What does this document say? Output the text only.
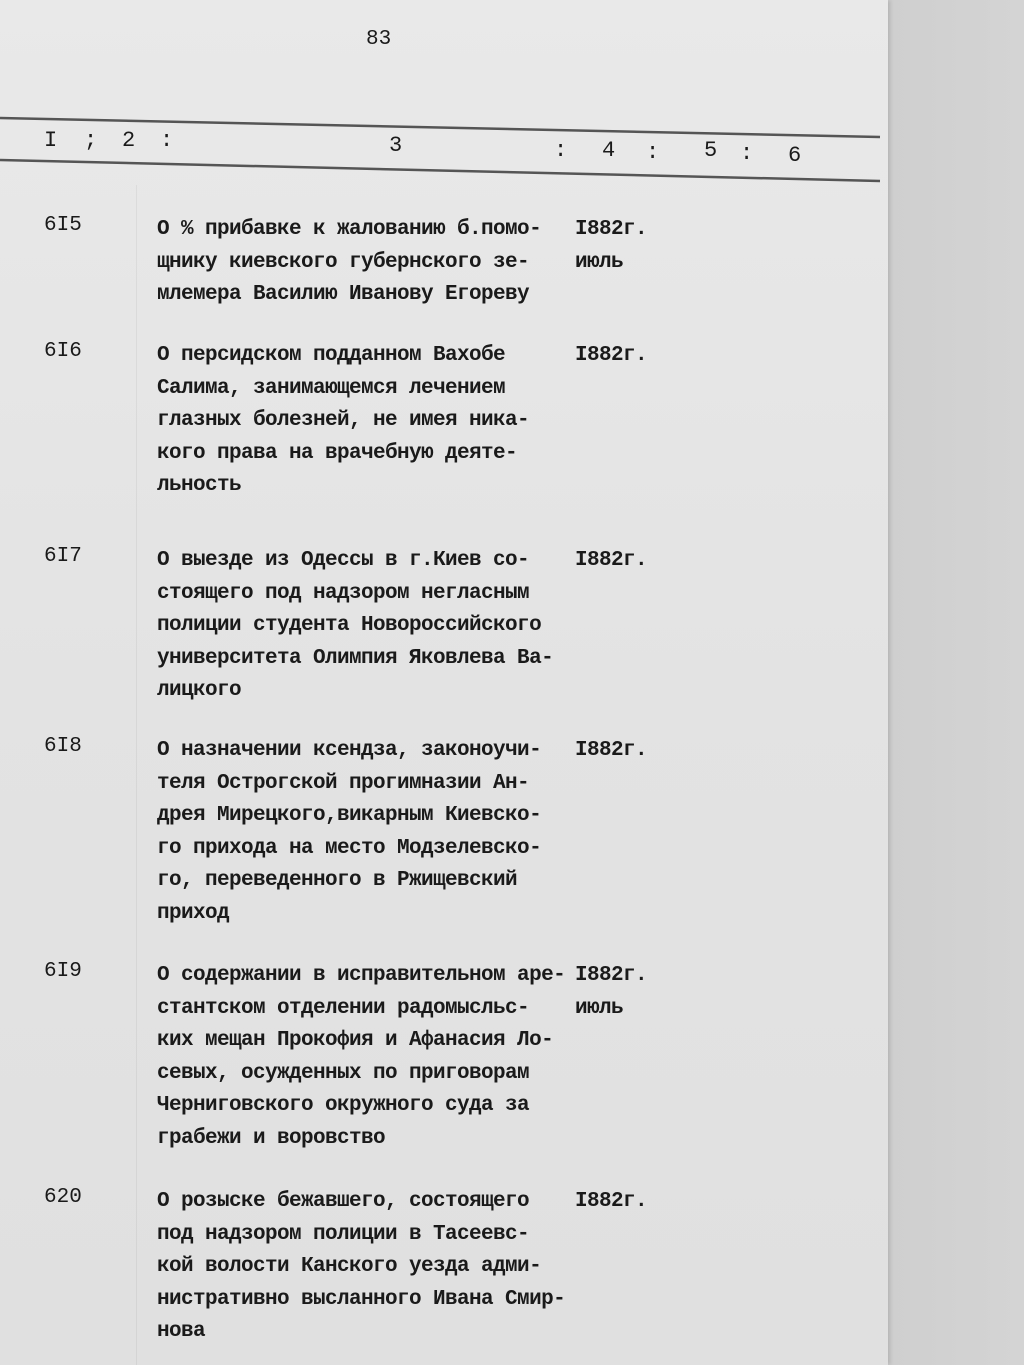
83
I ; 2 :	3	: 4 : 5 : 6
6I5	О % прибавке к жалованию б.помо-
щнику киевского губернского зе-
млемера Василию Иванову Егореву
I882г.
июль
6I6	О персидском подданном Вахобе
Салима, занимающемся лечением
глазных болезней, не имея ника-
кого права на врачебную деяте-
льность
I882г.
6I7	О выезде из Одессы в г.Киев со-
стоящего под надзором негласным
полиции студента Новороссийского
университета Олимпия Яковлева Ва-
лицкого
I882г.
6I8	О назначении ксендза, законоучи-
теля Острогской прогимназии Ан-
дрея Мирецкого,викарным Киевско-
го прихода на место Модзелевско-
го, переведенного в Ржищевский
приход
I882г.
6I9	О содержании в исправительном аре-
стантском отделении радомысльс-
ких мещан Прокофия и Афанасия Ло-
севых, осужденных по приговорам
Черниговского окружного суда за
грабежи и воровство
I882г.
июль
620	О розыске бежавшего, состоящего
под надзором полиции в Тасеевс-
кой волости Канского уезда адми-
нистративно высланного Ивана Смир-
нова
I882г.
